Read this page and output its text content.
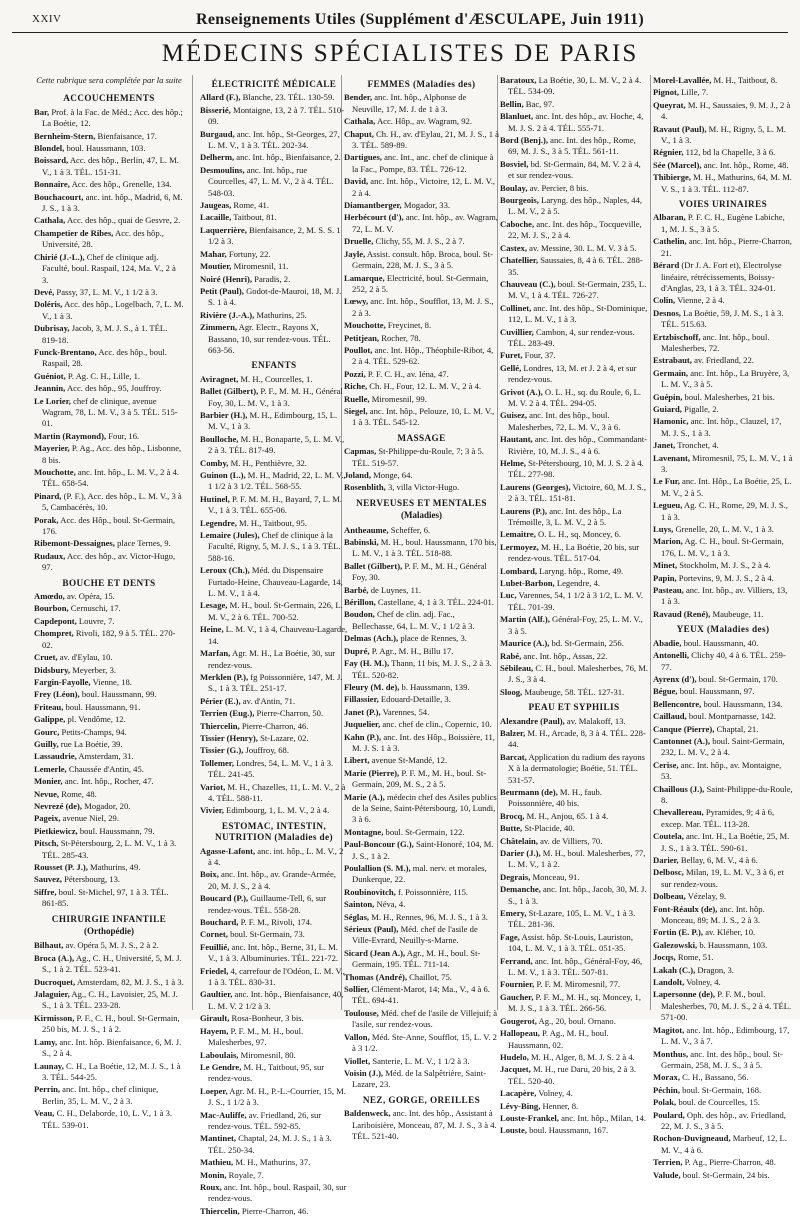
XXIV	Renseignements Utiles (Supplément d'ÆSCULAPE, Juin 1911)
MÉDECINS SPÉCIALISTES DE PARIS
Cette rubrique sera complétée par la suite
ACCOUCHEMENTS
Bar, Prof. à la Fac. de Méd.; Acc. des hôp.; La Boétie, 12.
Bernheim-Stern, Bienfaisance, 17.
Blondel, boul. Haussmann, 103.
Boissard, Acc. des hôp., Berlin, 47, L. M. V., 1 à 3. TÉL. 151-31.
Bonnaire, Acc. des hôp., Grenelle, 134.
Bouchacourt, anc. int. hôp., Madrid, 6, M. J. S., 1 à 3.
Cathala, Acc. des hôp., quai de Gesvre, 2.
Champetier de Ribes, Acc. des hôp., Université, 28.
Chirié (J.-L.), Chef de clinique adj. Faculté, boul. Raspail, 124, Ma. V., 2 à 3.
Devé, Passy, 37, L. M. V., 1 1/2 à 3.
Doléris, Acc. des hôp., Logelbach, 7, L. M. V., 1 à 3.
Dubrisay, Jacob, 3, M. J. S., à 1. TÉL. 819-18.
Funck-Brentano, Acc. des hôp., boul. Raspail, 28.
Guéniot, P. Ag. C. H., Lille, 1.
Jeannin, Acc. des hôp., 95, Jouffroy.
Le Lorier, chef de clinique, avenue Wagram, 78, L. M. V., 3 à 5. TÉL. 515-01.
Martin (Raymond), Four, 16.
Mayerier, P. Ag., Acc. des hôp., Lisbonne, 8 bis.
Mouchotte, anc. Int. hôp., L. M. V., 2 à 4. TÉL. 658-54.
Pinard, (P. F.), Acc. des hôp., L. M. V., 3 à 5, Cambacérès, 10.
Porak, Acc. des Hôp., boul. St-Germain, 176.
Ribemont-Dessaignes, place Ternes, 9.
Rudaux, Acc. des hôp., av. Victor-Hugo, 97.
BOUCHE ET DENTS
Amœdo, av. Opéra, 15.
Bourbon, Cernuschi, 17.
Capdepont, Louvre, 7.
Chompret, Rivoli, 182, 9 à 5. TÉL. 270-02.
Cruet, av. d'Eylau, 10.
Didsbury, Meyerber, 3.
Fargin-Fayolle, Vienne, 18.
Frey (Léon), boul. Haussmann, 99.
Friteau, boul. Haussmann, 91.
Galippe, pl. Vendôme, 12.
Gourc, Petits-Champs, 94.
Guilly, rue La Boétie, 39.
Lassaudrie, Amsterdam, 31.
Lemerle, Chaussée d'Antin, 45.
Monier, anc. Int. hôp., Rocher, 47.
Nevue, Rome, 48.
Nevrezé (de), Mogador, 20.
Pageix, avenue Niel, 29.
Pietkiewicz, boul. Haussmann, 79.
Pitsch, St-Pétersbourg, 2, L. M. V., 1 à 3. TÉL. 285-43.
Rousset (P. J.), Mathurins, 49.
Sauvez, Pétersbourg, 13.
Siffre, boul. St-Michel, 97, 1 à 3. TÉL. 861-85.
CHIRURGIE INFANTILE
(Orthopédie)
Bilhaut, av. Opéra 5, M. J. S., 2 à 2.
Broca (A.), Ag., C. H., Université, 5, M. J. S., 1 à 2. TÉL. 523-41.
Ducroquet, Amsterdam, 82, M. J. S., 1 à 3.
Jalaguier, Ag., C. H., Lavoisier, 25, M. J. S., 1 à 3. TÉL. 233-28.
Kirmisson, P. F., C. H., boul. St-Germain, 250 bis, M. J. S., 1 à 2.
Lamy, anc. Int. hôp. Bienfaisance, 6, M. J. S., 2 à 4.
Launay, C. H., La Boétie, 12, M. J. S., 1 à 3. TÉL. 544-25.
Perrin, anc. Int. hôp., chef clinique, Berlin, 35, L. M. V., 2 à 3.
Veau, C. H., Delaborde, 10, L. V., 1 à 3. TÉL. 539-01.
ÉLECTRICITÉ MÉDICALE
Allard (F.), Blanche, 23. TÉL. 130-59.
Bisserié, Montaigne, 13, 2 à 7. TÉL. 510-09.
Burgaud, anc. Int. hôp., St-Georges, 27, L. M. V., 1 à 3. TÉL. 202-34.
Delherm, anc. Int. hôp., Bienfaisance, 2.
Desmoulins, anc. Int. hôp., rue Courcelles, 47, L. M. V., 2 à 4. TÉL. 548-03.
Jaugeas, Rome, 41.
Lacaille, Taitbout, 81.
Laquerrière, Bienfaisance, 2, M. S. S. 1 1/2 à 3.
Mahar, Fortuny, 22.
Moutier, Miromesnil, 11.
Noiré (Henri), Paradis, 2.
Petit (Paul), Godot-de-Mauroi, 18, M. J. S. 1 à 4.
Rivière (J.-A.), Mathurins, 25.
Zimmern, Agr. Electr., Rayons X, Bassano, 10, sur rendez-vous. TÉL. 663-56.
ENFANTS
Aviragnet, M. H., Courcelles, 1.
Ballet (Gilbert), P. F., M. M. H., Général Foy, 30, L. M. V., 1 à 3.
Barbier (H.), M. H., Edimbourg, 15, L. M. V., 1 à 3.
Boulloche, M. H., Bonaparte, 5, L. M. V., 2 à 3. TÉL. 817-49.
Comby, M. H., Penthièvre, 32.
Guinon (L.), M. H., Madrid, 22, L. M. V., 1 1/2 à 3 1/2. TÉL. 568-55.
Hutinel, P. F. M. M. H., Bayard, 7, L. M. V., 1 à 3. TÉL. 655-06.
Legendre, M. H., Taitbout, 95.
Lemaire (Jules), Chef de clinique à la Faculté, Rigny, 5, M. J. S., 1 à 3. TÉL. 588-16.
Leroux (Ch.), Méd. du Dispensaire Furtado-Heine, Chauveau-Lagarde, 14, L. M. V., 1 à 4.
Lesage, M. H., boul. St-Germain, 226, L. M. V., 2 à 6. TÉL. 700-52.
Heine, L. M. V., 1 à 4, Chauveau-Lagarde, 14.
Marfan, Agr. M. H., La Boétie, 30, sur rendez-vous.
Merklen (P.), fg Poissonnière, 147, M. J. S., 1 à 3. TÉL. 251-17.
Périer (E.), av. d'Antin, 71.
Terrien (Eug.), Pierre-Charron, 50.
Thiercelin, Pierre-Charron, 46.
Tissier (Henry), St-Lazare, 02.
Tissier (G.), Jouffroy, 68.
Tollemer, Londres, 54, L. M. V., 1 à 3. TÉL. 241-45.
Variot, M. H., Chazelles, 11, L. M. V., 2 à 4. TÉL. 588-11.
Vivier, Edimbourg, 1, L. M. V., 2 à 4.
ESTOMAC, INTESTIN, NUTRITION (Maladies de)
Agasse-Lafont, anc. int. hôp., L. M. V., 2 à 4.
Boix, anc. Int. hôp., av. Grande-Armée, 20, M. J. S., 2 à 4.
Boucard (P.), Guillaume-Tell, 6, sur rendez-vous. TÉL. 558-28.
Bouchard, P. F. M., Rivoli, 174.
Cornet, boul. St-Germain, 73.
Feuillié, anc. Int. hôp., Berne, 31, L. M. V., 1 à 3. Albuminuries. TÉL. 221-72.
Friedel, 4, carrefour de l'Odéon, L. M. V., 1 à 3. TÉL. 830-31.
Gaultier, anc. Int. hôp., Bienfaisance, 40, L. M. V. 2 1/2 à 3.
Girault, Rosa-Bonheur, 3 bis.
Hayem, P. F. M., M. H., boul. Malesherbes, 97.
Laboulais, Miromesnil, 80.
Le Gendre, M. H., Taitbout, 95, sur rendez-vous.
Loeper, Agr. M. H., P.-L.-Courrier, 15, M. J. S., 1 1/2 à 3.
Mac-Auliffe, av. Friedland, 26, sur rendez-vous. TÉL. 592-85.
Mantinet, Chaptal, 24, M. J. S., 1 à 3. TÉL. 250-34.
Mathieu, M. H., Mathurins, 37.
Monin, Royale, 7.
Roux, anc. Int. hôp., boul. Raspail, 30, sur rendez-vous.
Thiercelin, Pierre-Charron, 46.
FEMMES (Maladies des)
Bender, anc. Int. hôp., Alphonse de Neuville, 17, M. J. de 1 à 3.
Cathala, Acc. Hôp., av. Wagram, 92.
Chaput, Ch. H., av. d'Eylau, 21, M. J. S., 1 à 3. TÉL. 589-89.
Dartigues, anc. Int., anc. chef de clinique à la Fac., Pompe, 83. TÉL. 726-12.
David, anc. Int. hôp., Victoire, 12, L. M. V., 2 à 4.
Diamantberger, Mogador, 33.
Herbécourt (d'), anc. Int. hôp., av. Wagram, 72, L. M. V.
Druelle, Clichy, 55, M. J. S., 2 à 7.
Jayle, Assist. consult. hôp. Broca, boul. St-Germain, 228, M. J. S., 3 à 5.
Lamarque, Electricité, boul. St-Germain, 252, 2 à 5.
Lœwy, anc. Int. hôp., Soufflot, 13, M. J. S., 2 à 3.
Mouchotte, Freycinet, 8.
Petitjean, Rocher, 78.
Poullot, anc. Int. Hôp., Théophile-Ribot, 4, 2 à 4. TÉL. 529-62.
Pozzi, P. F. C. H., av. Iéna, 47.
Riche, Ch. H., Four, 12. L. M. V., 2 à 4.
Ruelle, Miromesnil, 99.
Siegel, anc. Int. hôp., Pelouze, 10, L. M. V., 1 à 3. TÉL. 545-12.
MASSAGE
Capmas, St-Philippe-du-Roule, 7; 3 à 5. TÉL. 519-57.
Joland, Monge, 64.
Rosenblith, 3, villa Victor-Hugo.
NERVEUSES ET MENTALES
(Maladies)
Antheaume, Scheffer, 6.
Babinski, M. H., boul. Haussmann, 170 bis, L. M. V., 1 à 3. TÉL. 518-88.
Ballet (Gilbert), P. F. M., M. H., Général Foy, 30.
Barbé, de Luynes, 11.
Bérillon, Castellane, 4, 1 à 3. TÉL. 224-01.
Boudon, Chef de clin. adj. Fac., Bellechasse, 64, L. M. V., 1 1/2 à 3.
Delmas (Ach.), place de Rennes, 3.
Dupré, P. Agr., M. H., Billu 17.
Fay (H. M.), Thann, 11 bis, M. J. S., 2 à 3. TÉL. 520-82.
Fleury (M. de), b. Haussmann, 139.
Fillassier, Edouard-Detaille, 3.
Janet (P.), Varennes, 54.
Juquelier, anc. chef de clin., Copernic, 10.
Kahn (P.), anc. Int. des Hôp., Boissière, 11, M. J. S. 1 à 3.
Libert, avenue St-Mandé, 12.
Marie (Pierre), P. F. M., M. H., boul. St-Germain, 209, M. S., 2 à 5.
Marie (A.), médecin chef des Asiles publics de la Seine, Saint-Pétersbourg, 10, Lundi, 3 à 6.
Montagne, boul. St-Germain, 122.
Paul-Boncour (G.), Saint-Honoré, 104, M. J. S., 1 à 2.
Poulallion (S. M.), mal. nerv. et morales, Dunkerque, 22.
Roubinovitch, f. Poissonnière, 115.
Sainton, Néva, 4.
Séglas, M. H., Rennes, 96, M. J. S., 1 à 3.
Sérieux (Paul), Méd. chef de l'asile de Ville-Evrard, Neuilly-s-Marne.
Sicard (Jean A.), Agr., M. H., boul. St-Germain, 195. TÉL. 711-14.
Thomas (André), Chaillot, 75.
Sollier, Clément-Marot, 14; Ma., V., 4 à 6. TÉL. 694-41.
Toulouse, Méd. chef de l'asile de Villejuif; à l'asile, sur rendez-vous.
Vallon, Méd. Ste-Anne, Soufflot, 15, L. V. 2 à 3 1/2.
Viollet, Santerie, L. M. V., 1 1/2 à 3.
Voisin (J.), Méd. de la Salpêtrière, Saint-Lazare, 23.
NEZ, GORGE, OREILLES
Baldenweck, anc. Int. des hôp., Assistant à Lariboisière, Monceau, 87, M. J. S., 3 à 4. TÉL. 521-40.
Baratoux, La Boétie, 30, L. M. V., 2 à 4. TÉL. 534-09.
Bellin, Bac, 97.
Blanluet, anc. Int. des hôp., av. Hoche, 4, M. J. S. 2 à 4. TÉL. 555-71.
Bord (Benj.), anc. Int. des hôp., Rome, 69, M. J. S., 3 à 5. TÉL. 561-11.
Bosviel, bd. St-Germain, 84, M. V. 2 à 4, et sur rendez-vous.
Boulay, av. Percier, 8 bis.
Bourgeois, Laryng. des hôp., Naples, 44, L. M. V., 2 à 5.
Caboche, anc. Int. des hôp., Tocqueville, 22, M. J. S., 2 à 4.
Castex, av. Messine, 30. L. M. V. 3 à 5.
Chatellier, Saussaies, 8, 4 à 6. TÉL. 288-35.
Chauveau (C.), boul. St-Germain, 235, L. M. V., 1 à 4. TÉL. 726-27.
Collinet, anc. Int. des hôp., St-Dominique, 112, L. M. V., 1 à 3.
Cuvillier, Cambon, 4, sur rendez-vous. TÉL. 283-49.
Furet, Four, 37.
Gellé, Londres, 13, M. et J. 2 à 4, et sur rendez-vous.
Grivot (A.), O. L. H., sq. du Roule, 6, L. M. V. 2 à 4. TÉL. 294-05.
Guisez, anc. Int. des hôp., boul. Malesherbes, 72, L. M. V., 3 à 6.
Hautant, anc. Int. des hôp., Commandant-Rivière, 10, M. J. S., 4 à 6.
Helme, St-Pétersbourg, 10, M. J. S. 2 à 4. TÉL. 277-98.
Laurens (Georges), Victoire, 60, M. J. S., 2 à 3. TÉL. 151-81.
Laurens (P.), anc. Int. des hôp., La Trémoille, 3, L. M. V., 2 à 5.
Lemaitre, O. L. H., sq. Moncey, 6.
Lermoyez, M. H., La Boétie, 20 bis, sur rendez-vous. TÉL. 517-04.
Lombard, Laryng. hôp., Rome, 49.
Lubet-Barbon, Legendre, 4.
Luc, Varennes, 54, 1 1/2 à 3 1/2, L. M. V. TÉL. 701-39.
Martin (Alf.), Général-Foy, 25, L. M. V., 3 à 5.
Maurice (A.), bd. St-Germain, 256.
Rabé, anc. Int. hôp., Assas, 22.
Sébileau, C. H., boul. Malesherbes, 76, M. J. S., 3 à 4.
Sloog, Maubeuge, 58. TÉL. 127-31.
PEAU ET SYPHILIS
Alexandre (Paul), av. Malakoff, 13.
Balzer, M. H., Arcade, 8, 3 à 4. TÉL. 228-44.
Barcat, Application du radium des rayons X à la dermatologie; Boétie, 51. TÉL. 531-57.
Beurmann (de), M. H., faub. Poissonnière, 40 bis.
Brocq, M. H., Anjou, 65. 1 à 4.
Butte, St-Placide, 40.
Châtelain, av. de Villiers, 70.
Darier (J.), M. H., boul. Malesherbes, 77, L. M. V., 1 à 2.
Degrais, Monceau, 91.
Demanche, anc. Int. hôp., Jacob, 30, M. J. S., 1 à 3.
Emery, St-Lazare, 105, L. M. V., 1 à 3. TÉL. 281-36.
Fage, Assist. hôp. St-Louis, Lauriston, 104, L. M. V., 1 à 3. TÉL. 051-35.
Ferrand, anc. Int. hôp., Général-Foy, 46, L. M. V., 1 à 3. TÉL. 507-81.
Fournier, P. F. M. Miromesnil, 77.
Gaucher, P. F. M., M. H., sq. Moncey, 1, M. J. S., 1 à 3. TÉL. 266-56.
Gougerot, Ag., 20, boul. Ornano.
Hallopeau, P. Ag., M. H., boul. Haussmann, 02.
Hudelo, M. H., Alger, 8, M. J. S. 2 à 4.
Jacquet, M. H., rue Daru, 20 bis, 2 à 3. TÉL. 520-40.
Lacapère, Volney, 4.
Lévy-Bing, Henner, 8.
Louste-Frankel, anc. Int. hôp., Milan, 14.
Louste, boul. Haussmann, 167.
Morel-Lavallée, M. H., Taitbout, 8.
Pignot, Lille, 7.
Queyrat, M. H., Saussaies, 9. M. J., 2 à 4.
Ravaut (Paul), M. H., Rigny, 5, L. M. V., 1 à 3.
Régnier, 112, bd la Chapelle, 3 à 6.
Sée (Marcel), anc. Int. hôp., Rome, 48.
Thibierge, M. H., Mathurins, 64, M. M. V. S., 1 à 3. TÉL. 112-87.
VOIES URINAIRES
Albaran, P. F. C. H., Eugène Labiche, 1, M. J. S., 3 à 5.
Cathelin, anc. Int. hôp., Pierre-Charron, 21.
Bérard (Dr J. A. Fort et), Electrolyse linéaire, rétrécissements, Boissy-d'Anglas, 23, 1 à 3. TÉL. 324-01.
Colin, Vienne, 2 à 4.
Desnos, La Boétie, 59, J. M. S., 1 à 3. TÉL. 515.63.
Ertzbischoff, anc. Int. hôp., boul. Malesherbes, 72.
Estrabaut, av. Friedland, 22.
Germain, anc. Int. hôp., La Bruyère, 3, L. M. V., 3 à 5.
Guépin, boul. Malesherbes, 21 bis.
Guiard, Pigalle, 2.
Hamonic, anc. Int. hôp., Clauzel, 17, M. J. S., 1 à 3.
Janet, Tronchet, 4.
Lavenant, Miromesnil, 75, L. M. V., 1 à 3.
Le Fur, anc. Int. Hôp., La Boétie, 25, L. M. V., 2 à 5.
Legueu, Ag. C. H., Rome, 29, M. J. S., 1 à 3.
Luys, Grenelle, 20, L. M. V., 1 à 3.
Marion, Ag. C. H., boul. St-Germain, 176, L. M. V., 1 à 3.
Minet, Stockholm, M. J. S., 2 à 4.
Papin, Portevins, 9, M. J. S., 2 à 4.
Pasteau, anc. Int. hôp., av. Villiers, 13, 1 à 3.
Ravaud (René), Maubeuge, 11.
YEUX (Maladies des)
Abadie, boul. Haussmann, 40.
Antonelli, Clichy 40, 4 à 6. TÉL. 259-77.
Ayrenx (d'), boul. St-Germain, 170.
Bégue, boul. Haussmann, 97.
Bellencontre, boul. Haussmann, 134.
Caillaud, boul. Montparnasse, 142.
Canque (Pierre), Chaptal, 21.
Cantonnet (A.), boul. Saint-Germain, 232, L. M. V., 2 à 4.
Cerise, anc. Int. hôp., av. Montaigne, 53.
Chaillous (J.), Saint-Philippe-du-Roule, 8.
Chevallereau, Pyramides, 9; 4 à 6, excep. Mar. TÉL. 113-28.
Coutela, anc. Int. H., La Boétie, 25, M. J. S., 1 à 3. TÉL. 590-61.
Darier, Bellay, 6, M. V., 4 à 6.
Delbosc, Milan, 19, L. M. V., 3 à 6, et sur rendez-vous.
Dolbeau, Vézelay, 9.
Font-Réaulx (de), anc. Int. hôp. Monceau, 89; M. J. S., 2 à 3.
Fortin (E. P.), av. Kléber, 10.
Galezowski, b. Haussmann, 103.
Jocqs, Rome, 51.
Lakah (C.), Dragon, 3.
Landolt, Volney, 4.
Lapersonne (de), P. F. M., boul. Malesherbes, 70, M. J. S., 2 à 4. TÉL. 571-00.
Magitot, anc. Int. hôp., Edimbourg, 17, L. M. V., 3 à 7.
Monthus, anc. Int. des hôp., boul. St-Germain, 258, M. J. S., 3 à 5.
Morax, C. H., Bassano, 56.
Péchin, boul. St-Germain, 168.
Polak, boul. de Courcelles, 15.
Poulard, Oph. des hôp., av. Friedland, 22, M. J. S., 3 à 5.
Rochon-Duvigneaud, Marbeuf, 12, L. M. V., 4 à 6.
Terrien, P. Ag., Pierre-Charron, 48.
Valude, boul. St-Germain, 24 bis.
